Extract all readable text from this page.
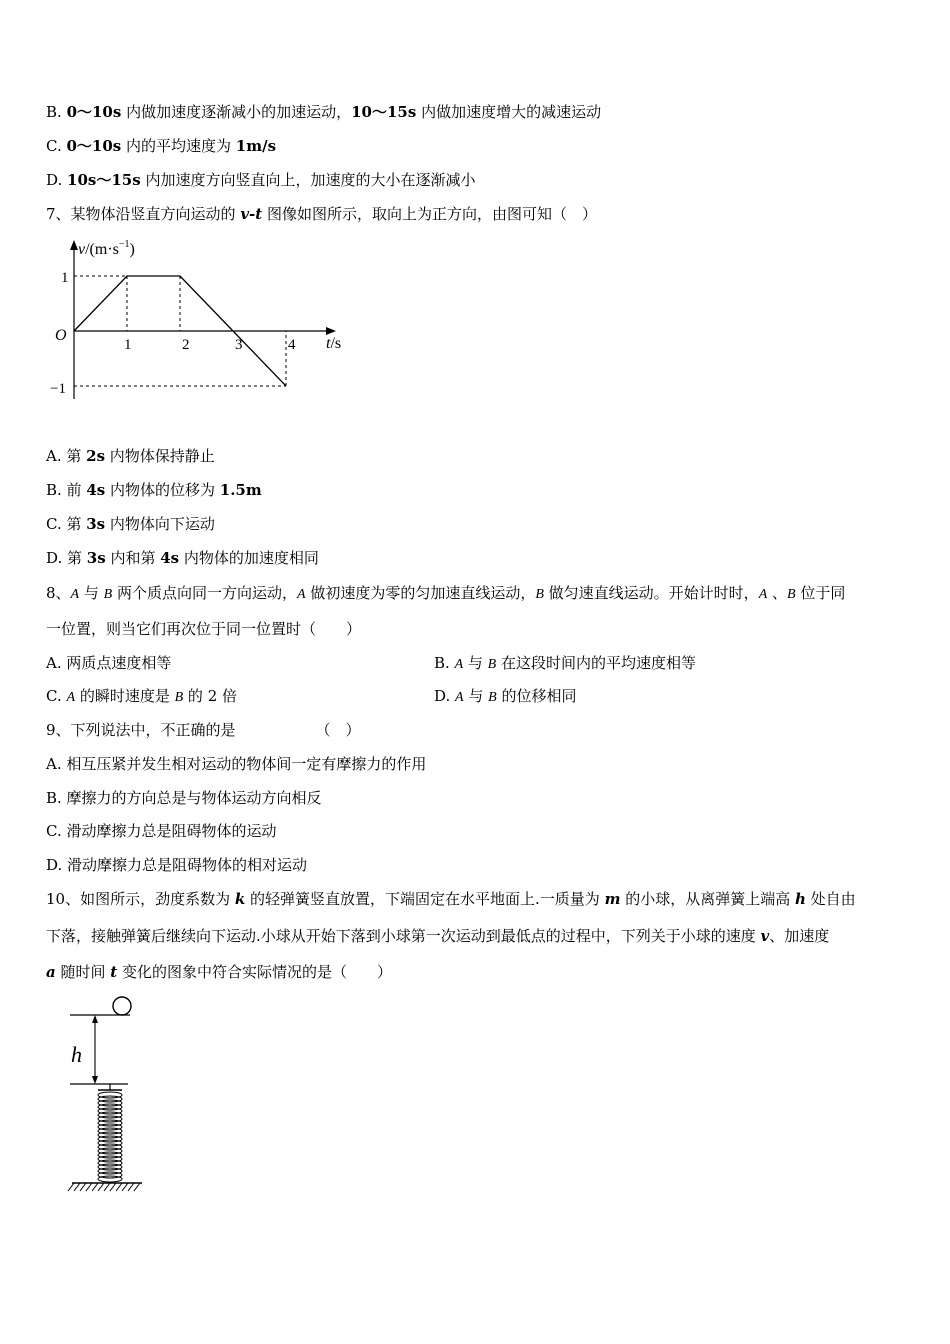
B. 0～10s 内做加速度逐渐减小的加速运动，10～15s 内做加速度增大的减速运动
C. 0～10s 内的平均速度为 1m/s
D. 10s～15s 内加速度方向竖直向上，加速度的大小在逐渐减小
7、某物体沿竖直方向运动的 v-t 图像如图所示，取向上为正方向，由图可知（　）
$v/(m\cdot s^{-1})$
t/s
O
1
−1
1	2	3	4
A. 第 2s 内物体保持静止
B. 前 4s 内物体的位移为 1.5m
C. 第 3s 内物体向下运动
D. 第 3s 内和第 4s 内物体的加速度相同
8、A 与 B 两个质点向同一方向运动，A 做初速度为零的匀加速直线运动，B 做匀速直线运动。开始计时时，A 、B 位于同
一位置，则当它们再次位于同一位置时（　　）
A. 两质点速度相等	B. A 与 B 在这段时间内的平均速度相等
C. A 的瞬时速度是 B 的 2 倍	D. A 与 B 的位移相同
9、下列说法中，不正确的是	（　）
A. 相互压紧并发生相对运动的物体间一定有摩擦力的作用
B. 摩擦力的方向总是与物体运动方向相反
C. 滑动摩擦力总是阻碍物体的运动
D. 滑动摩擦力总是阻碍物体的相对运动
10、如图所示，劲度系数为 k 的轻弹簧竖直放置，下端固定在水平地面上.一质量为 m 的小球，从离弹簧上端高 h 处自由
下落，接触弹簧后继续向下运动.小球从开始下落到小球第一次运动到最低点的过程中，下列关于小球的速度 v、加速度
a 随时间 t 变化的图象中符合实际情况的是（　　）
h
